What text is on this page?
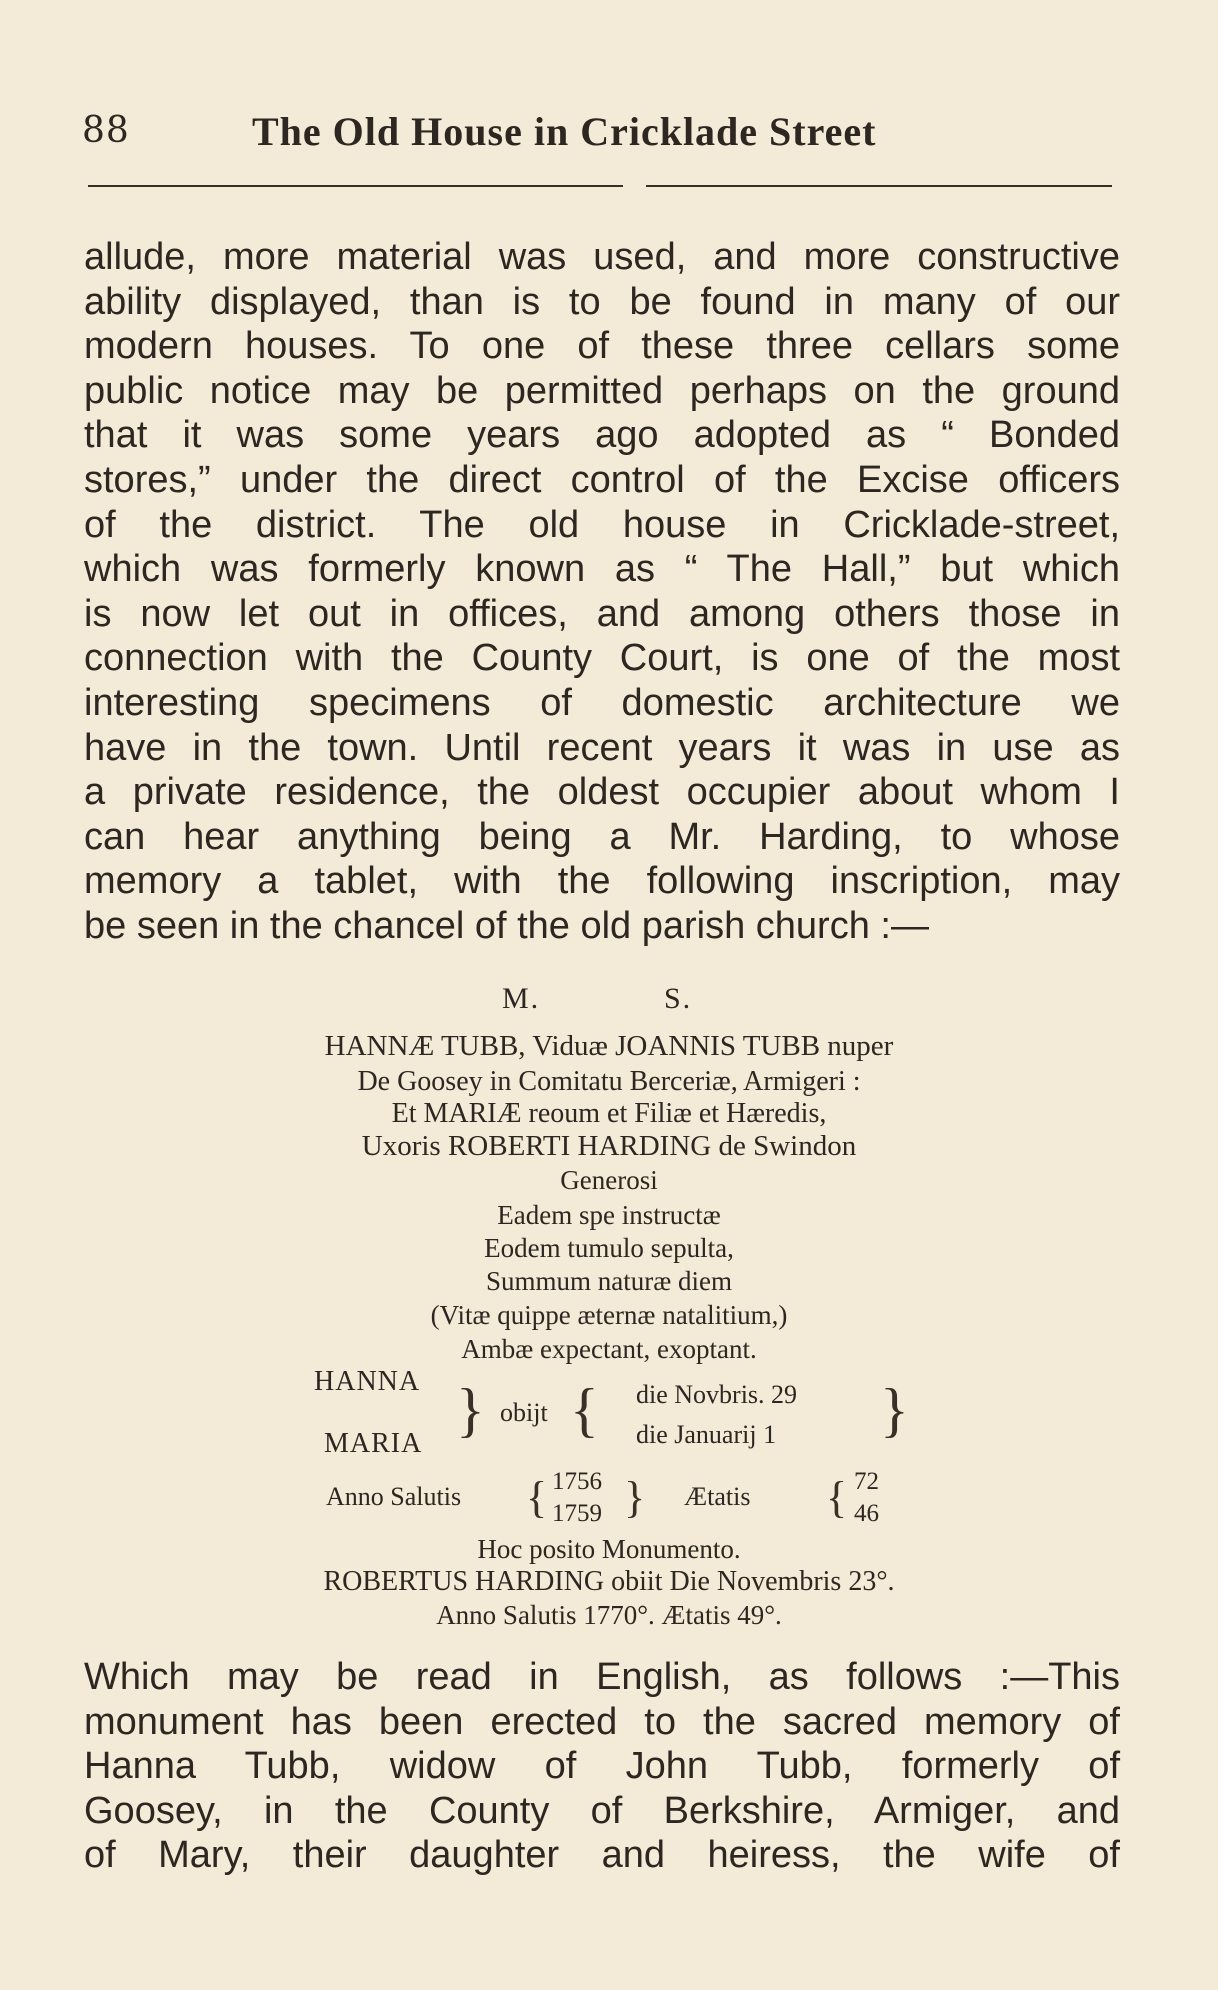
88	The Old House in Cricklade Street

allude, more material was used, and more constructive
ability displayed, than is to be found in many of our
modern houses. To one of these three cellars some
public notice may be permitted perhaps on the ground
that it was some years ago adopted as “ Bonded
stores,” under the direct control of the Excise officers
of the district. The old house in Cricklade-street,
which was formerly known as “ The Hall,” but which
is now let out in offices, and among others those in
connection with the County Court, is one of the most
interesting specimens of domestic architecture we
have in the town. Until recent years it was in use as
a private residence, the oldest occupier about whom I
can hear anything being a Mr. Harding, to whose
memory a tablet, with the following inscription, may
be seen in the chancel of the old parish church :—

M.	S.

HANNÆ TUBB, Viduæ JOANNIS TUBB nuper

De Goosey in Comitatu Berceriæ, Armigeri :

Et MARIÆ reoum et Filiæ et Hæredis,

Uxoris ROBERTI HARDING de Swindon

Generosi

Eadem spe instructæ

Eodem tumulo sepulta,

Summum naturæ diem

(Vitæ quippe æternæ natalitium,)

Ambæ expectant, exoptant.

HANNA
MARIA
} obijt { die Novbris. 29
die Januarij 1 }
Anno Salutis { 1756
1759 } Ætatis { 72
46

Hoc posito Monumento.

ROBERTUS HARDING obiit Die Novembris 23°.

Anno Salutis 1770°. Ætatis 49°.

Which may be read in English, as follows :—This
monument has been erected to the sacred memory of
Hanna Tubb, widow of John Tubb, formerly of
Goosey, in the County of Berkshire, Armiger, and
of Mary, their daughter and heiress, the wife of
